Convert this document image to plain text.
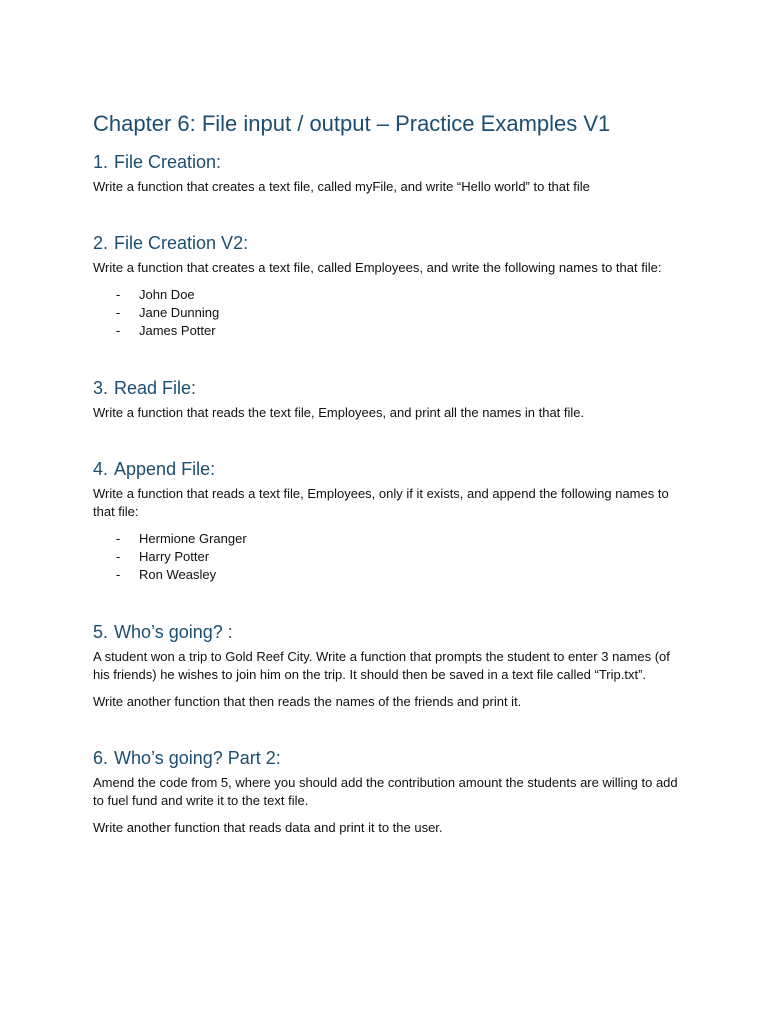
Chapter 6: File input / output – Practice Examples V1
1. File Creation:

Write a function that creates a text file, called myFile, and write “Hello world” to that file

2. File Creation V2:

Write a function that creates a text file, called Employees, and write the following names to that file:

- John Doe
- Jane Dunning
- James Potter
3. Read File:

Write a function that reads the text file, Employees, and print all the names in that file.

4. Append File:

Write a function that reads a text file, Employees, only if it exists, and append the following names to that file:

- Hermione Granger
- Harry Potter
- Ron Weasley
5. Who’s going? :

A student won a trip to Gold Reef City. Write a function that prompts the student to enter 3 names (of his friends) he wishes to join him on the trip. It should then be saved in a text file called “Trip.txt”.

Write another function that then reads the names of the friends and print it.

6. Who’s going? Part 2:

Amend the code from 5, where you should add the contribution amount the students are willing to add to fuel fund and write it to the text file.

Write another function that reads data and print it to the user.
